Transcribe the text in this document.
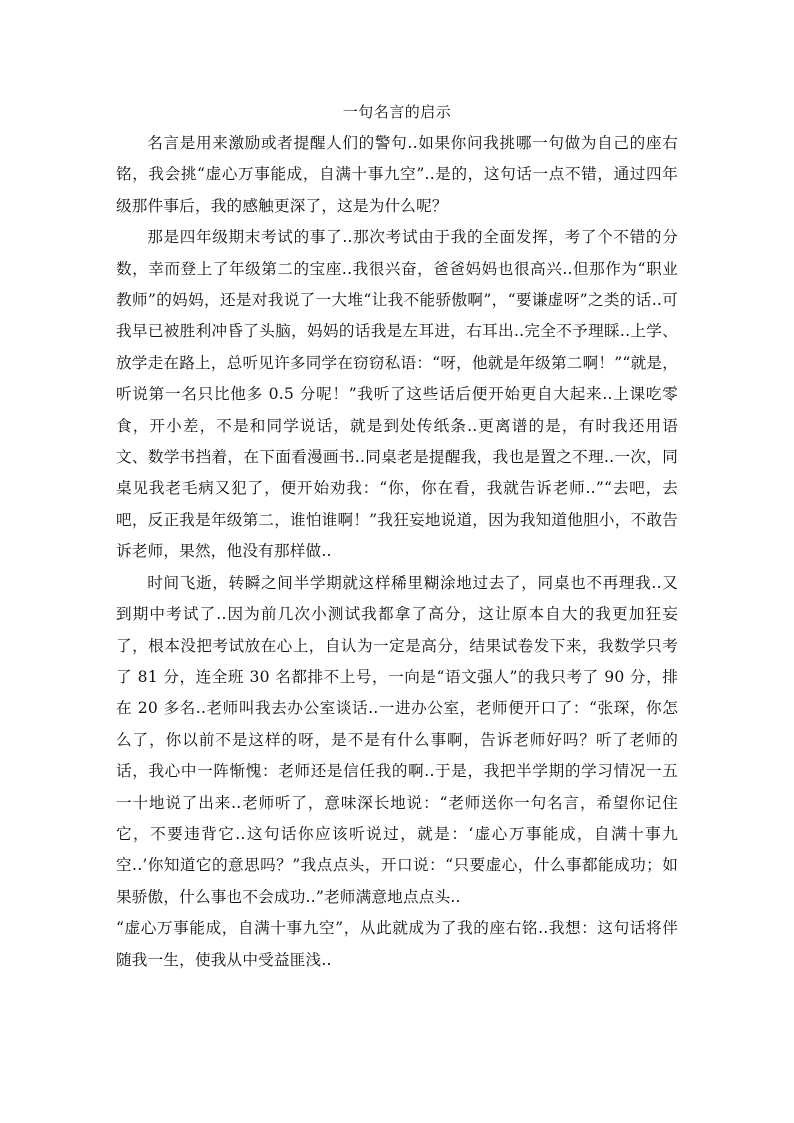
一句名言的启示

名言是用来激励或者提醒人们的警句..如果你问我挑哪一句做为自己的座右铭，我会挑“虚心万事能成，自满十事九空”..是的，这句话一点不错，通过四年级那件事后，我的感触更深了，这是为什么呢？

那是四年级期末考试的事了..那次考试由于我的全面发挥，考了个不错的分数，幸而登上了年级第二的宝座..我很兴奋，爸爸妈妈也很高兴..但那作为“职业教师”的妈妈，还是对我说了一大堆“让我不能骄傲啊”，“要谦虚呀”之类的话..可我早已被胜利冲昏了头脑，妈妈的话我是左耳进，右耳出..完全不予理睬..上学、放学走在路上，总听见许多同学在窃窃私语：“呀，他就是年级第二啊！”“就是，听说第一名只比他多 0.5 分呢！”我听了这些话后便开始更自大起来..上课吃零食，开小差，不是和同学说话，就是到处传纸条..更离谱的是，有时我还用语文、数学书挡着，在下面看漫画书..同桌老是提醒我，我也是置之不理..一次，同桌见我老毛病又犯了，便开始劝我：“你，你在看，我就告诉老师..”“去吧，去吧，反正我是年级第二，谁怕谁啊！”我狂妄地说道，因为我知道他胆小，不敢告诉老师，果然，他没有那样做..

时间飞逝，转瞬之间半学期就这样稀里糊涂地过去了，同桌也不再理我..又到期中考试了..因为前几次小测试我都拿了高分，这让原本自大的我更加狂妄了，根本没把考试放在心上，自认为一定是高分，结果试卷发下来，我数学只考了 81 分，连全班 30 名都排不上号，一向是“语文强人”的我只考了 90 分，排在 20 多名..老师叫我去办公室谈话..一进办公室，老师便开口了：“张琛，你怎么了，你以前不是这样的呀，是不是有什么事啊，告诉老师好吗？听了老师的话，我心中一阵惭愧：老师还是信任我的啊..于是，我把半学期的学习情况一五一十地说了出来..老师听了，意味深长地说：“老师送你一句名言，希望你记住它，不要违背它..这句话你应该听说过，就是：‘虚心万事能成，自满十事九空..’你知道它的意思吗？”我点点头，开口说：“只要虚心，什么事都能成功；如果骄傲，什么事也不会成功..”老师满意地点点头..

“虚心万事能成，自满十事九空”，从此就成为了我的座右铭..我想：这句话将伴随我一生，使我从中受益匪浅..
